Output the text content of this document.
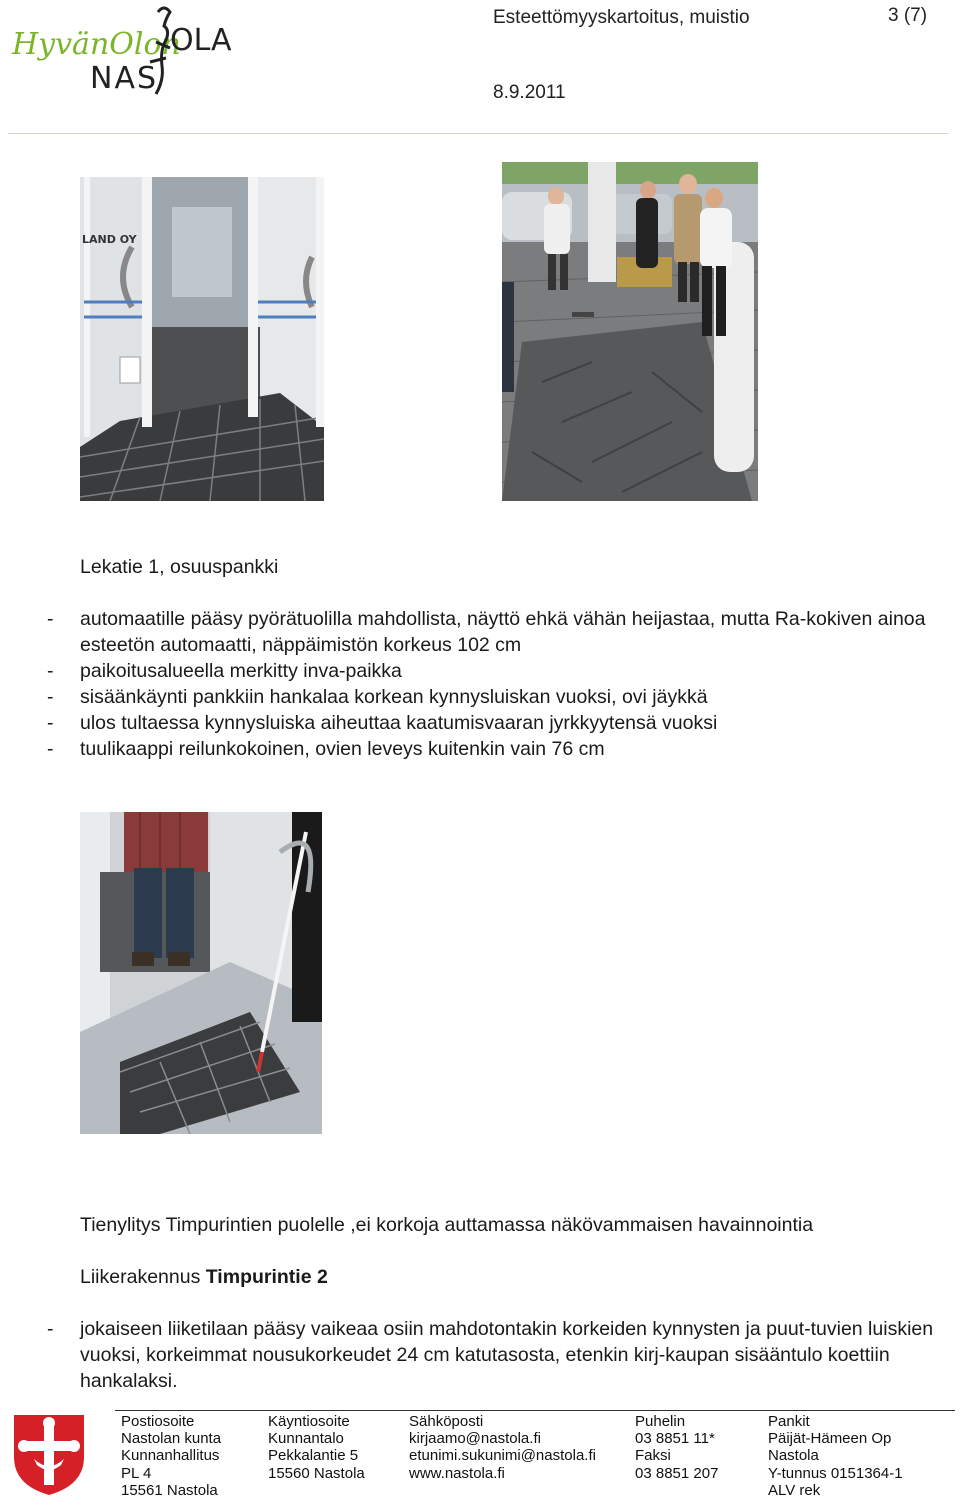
HyvänOlon
NAS
OLA
Esteettömyyskartoitus, muistio
8.9.2011
3 (7)
LAND OY
Lekatie 1, osuuspankki
- automaatille pääsy pyörätuolilla mahdollista, näyttö ehkä vähän heijastaa, mutta Ra-kokiven ainoa esteetön automaatti, näppäimistön korkeus 102 cm
- paikoitusalueella merkitty inva-paikka
- sisäänkäynti pankkiin hankalaa korkean kynnysluiskan vuoksi, ovi jäykkä
- ulos tultaessa kynnysluiska aiheuttaa kaatumisvaaran jyrkkyytensä vuoksi
- tuulikaappi reilunkokoinen, ovien leveys kuitenkin vain 76 cm
Tienylitys Timpurintien puolelle ,ei korkoja auttamassa näkövammaisen havainnointia
Liikerakennus Timpurintie 2
- jokaiseen liiketilaan pääsy vaikeaa osiin mahdotontakin korkeiden kynnysten ja puut-tuvien luiskien vuoksi, korkeimmat nousukorkeudet 24 cm katutasosta, etenkin kirj-kaupan sisääntulo koettiin hankalaksi.
Postiosoite
Nastolan kunta
Kunnanhallitus
PL 4
15561 Nastola
Käyntiosoite
Kunnantalo
Pekkalantie 5
15560 Nastola
Sähköposti
kirjaamo@nastola.fi
etunimi.sukunimi@nastola.fi
www.nastola.fi
Puhelin
03 8851 11*
Faksi
03 8851 207
Pankit
Päijät-Hämeen Op
Nastola
Y-tunnus 0151364-1
ALV rek
